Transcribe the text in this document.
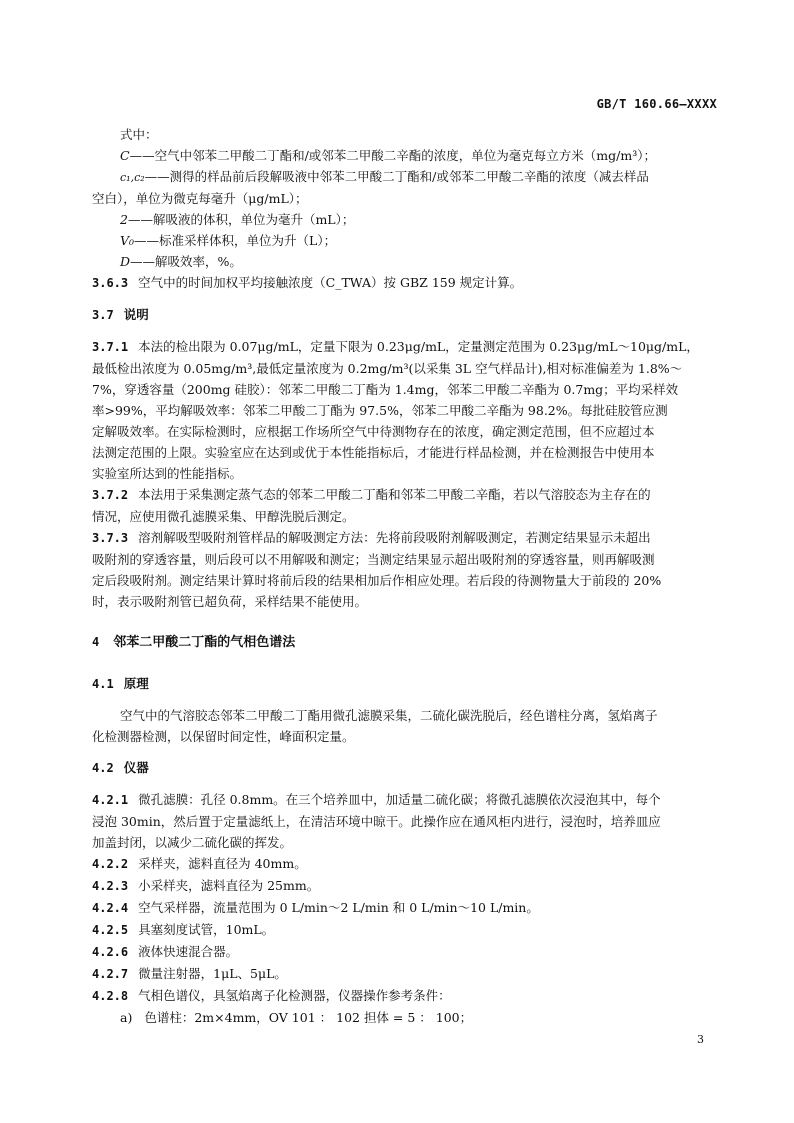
GB/T 160.66—XXXX

式中：

C——空气中邻苯二甲酸二丁酯和/或邻苯二甲酸二辛酯的浓度，单位为毫克每立方米（mg/m³）；

c₁,c₂——测得的样品前后段解吸液中邻苯二甲酸二丁酯和/或邻苯二甲酸二辛酯的浓度（减去样品

空白），单位为微克每毫升（μg/mL）；

2——解吸液的体积，单位为毫升（mL）；

V₀——标准采样体积，单位为升（L）；

D——解吸效率，%。

3.6.3 空气中的时间加权平均接触浓度（C_TWA）按 GBZ 159 规定计算。

3.7 说明

3.7.1 本法的检出限为 0.07μg/mL，定量下限为 0.23μg/mL，定量测定范围为 0.23μg/mL～10μg/mL，

最低检出浓度为 0.05mg/m³,最低定量浓度为 0.2mg/m³(以采集 3L 空气样品计),相对标准偏差为 1.8%～

7%，穿透容量（200mg 硅胶）：邻苯二甲酸二丁酯为 1.4mg，邻苯二甲酸二辛酯为 0.7mg；平均采样效

率>99%，平均解吸效率：邻苯二甲酸二丁酯为 97.5%，邻苯二甲酸二辛酯为 98.2%。每批硅胶管应测

定解吸效率。在实际检测时，应根据工作场所空气中待测物存在的浓度，确定测定范围，但不应超过本

法测定范围的上限。实验室应在达到或优于本性能指标后，才能进行样品检测，并在检测报告中使用本

实验室所达到的性能指标。

3.7.2 本法用于采集测定蒸气态的邻苯二甲酸二丁酯和邻苯二甲酸二辛酯，若以气溶胶态为主存在的

情况，应使用微孔滤膜采集、甲醇洗脱后测定。

3.7.3 溶剂解吸型吸附剂管样品的解吸测定方法：先将前段吸附剂解吸测定，若测定结果显示未超出

吸附剂的穿透容量，则后段可以不用解吸和测定；当测定结果显示超出吸附剂的穿透容量，则再解吸测

定后段吸附剂。测定结果计算时将前后段的结果相加后作相应处理。若后段的待测物量大于前段的 20%

时，表示吸附剂管已超负荷，采样结果不能使用。

4 邻苯二甲酸二丁酯的气相色谱法

4.1 原理

空气中的气溶胶态邻苯二甲酸二丁酯用微孔滤膜采集，二硫化碳洗脱后，经色谱柱分离，氢焰离子

化检测器检测，以保留时间定性，峰面积定量。

4.2 仪器

4.2.1 微孔滤膜：孔径 0.8mm。在三个培养皿中，加适量二硫化碳；将微孔滤膜依次浸泡其中，每个

浸泡 30min，然后置于定量滤纸上，在清洁环境中晾干。此操作应在通风柜内进行，浸泡时，培养皿应

加盖封闭，以减少二硫化碳的挥发。

4.2.2 采样夹，滤料直径为 40mm。

4.2.3 小采样夹，滤料直径为 25mm。

4.2.4 空气采样器，流量范围为 0 L/min～2 L/min 和 0 L/min～10 L/min。

4.2.5 具塞刻度试管，10mL。

4.2.6 液体快速混合器。

4.2.7 微量注射器，1μL、5μL。

4.2.8 气相色谱仪，具氢焰离子化检测器，仪器操作参考条件：

a) 色谱柱：2m×4mm，OV 101 ： 102 担体 = 5 ： 100；

3
